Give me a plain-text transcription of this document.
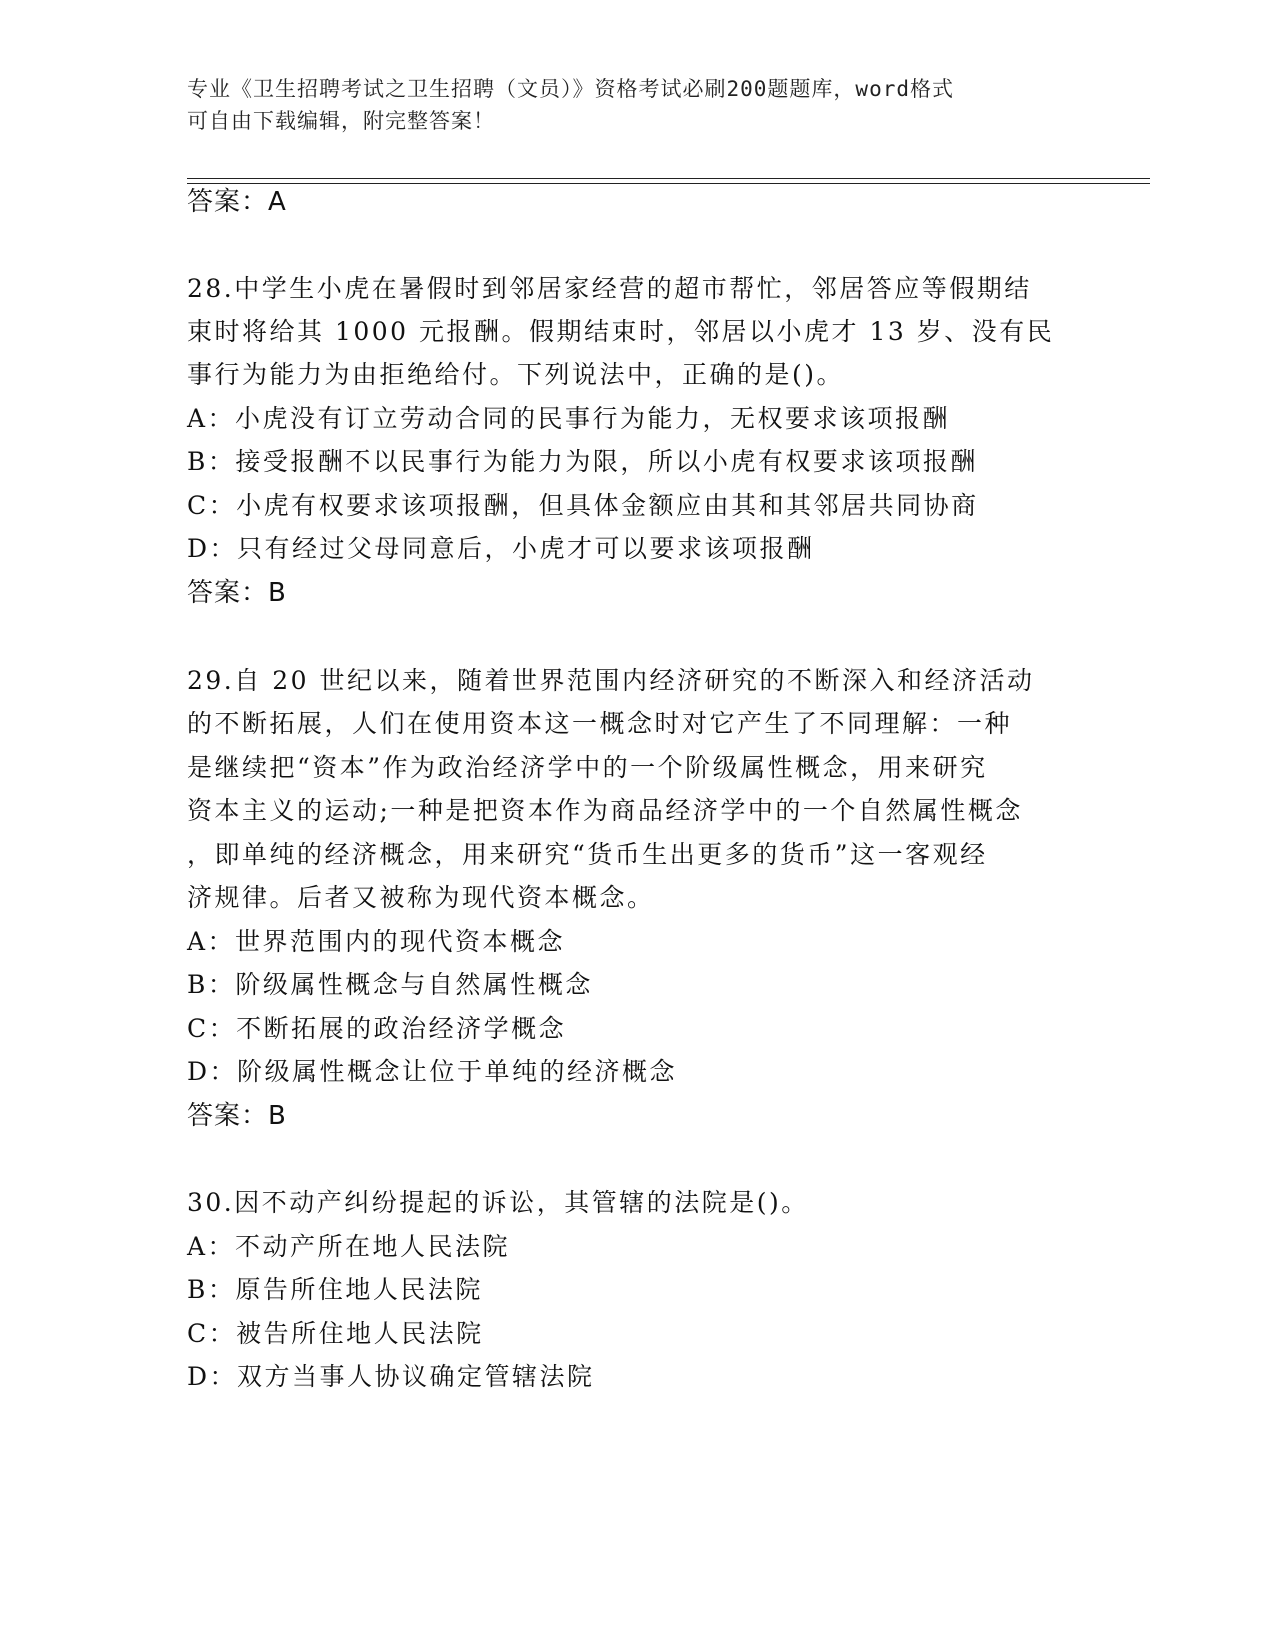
专业《卫生招聘考试之卫生招聘（文员）》资格考试必刷200题题库，word格式
可自由下载编辑，附完整答案！
答案：A
28.中学生小虎在暑假时到邻居家经营的超市帮忙，邻居答应等假期结
束时将给其 1000 元报酬。假期结束时，邻居以小虎才 13 岁、没有民
事行为能力为由拒绝给付。下列说法中，正确的是()。
A：小虎没有订立劳动合同的民事行为能力，无权要求该项报酬
B：接受报酬不以民事行为能力为限，所以小虎有权要求该项报酬
C：小虎有权要求该项报酬，但具体金额应由其和其邻居共同协商
D：只有经过父母同意后，小虎才可以要求该项报酬
答案：B
29.自 20 世纪以来，随着世界范围内经济研究的不断深入和经济活动
的不断拓展，人们在使用资本这一概念时对它产生了不同理解：一种
是继续把“资本”作为政治经济学中的一个阶级属性概念，用来研究
资本主义的运动;一种是把资本作为商品经济学中的一个自然属性概念
，即单纯的经济概念，用来研究“货币生出更多的货币”这一客观经
济规律。后者又被称为现代资本概念。
A：世界范围内的现代资本概念
B：阶级属性概念与自然属性概念
C：不断拓展的政治经济学概念
D：阶级属性概念让位于单纯的经济概念
答案：B
30.因不动产纠纷提起的诉讼，其管辖的法院是()。
A：不动产所在地人民法院
B：原告所住地人民法院
C：被告所住地人民法院
D：双方当事人协议确定管辖法院
